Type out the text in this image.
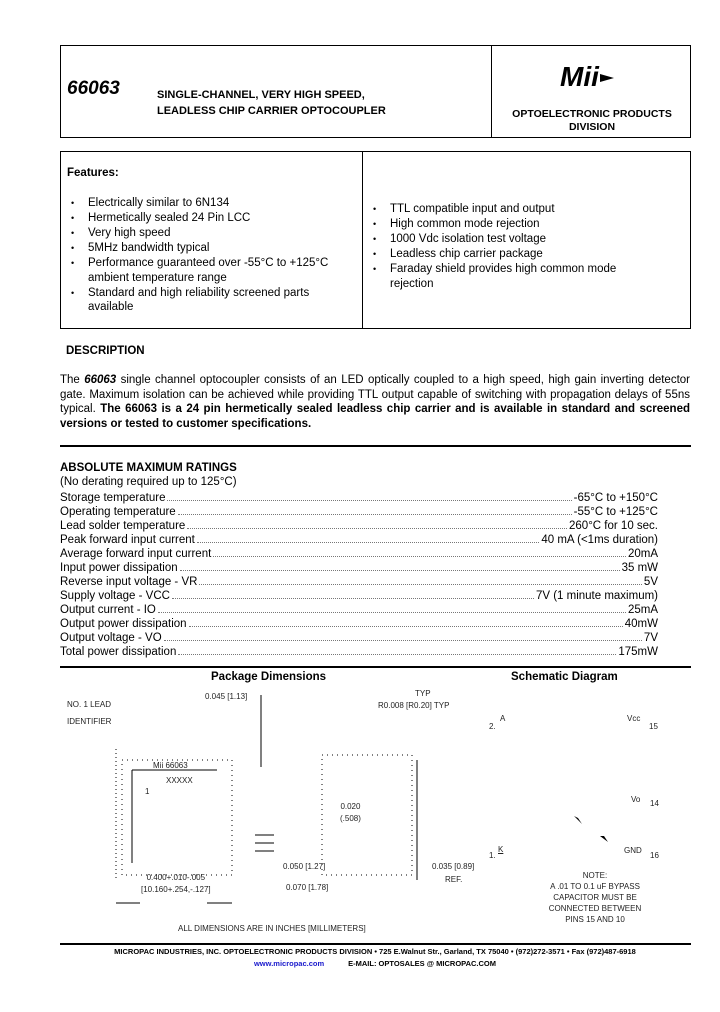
66063	SINGLE-CHANNEL, VERY HIGH SPEED,
LEADLESS CHIP CARRIER OPTOCOUPLER
Mii
OPTOELECTRONIC PRODUCTS
DIVISION
Features:
• Electrically similar to 6N134
• Hermetically sealed 24 Pin LCC
• Very high speed
• 5MHz bandwidth typical
• Performance guaranteed over -55°C to +125°C ambient temperature range
• Standard and high reliability screened parts available
• TTL compatible input and output
• High common mode rejection
• 1000 Vdc isolation test voltage
• Leadless chip carrier package
• Faraday shield provides high common mode rejection
DESCRIPTION
The 66063 single channel optocoupler consists of an LED optically coupled to a high speed, high gain inverting detector gate. Maximum isolation can be achieved while providing TTL output capable of switching with propagation delays of 55ns typical. The 66063 is a 24 pin hermetically sealed leadless chip carrier and is available in standard and screened versions or tested to customer specifications.
ABSOLUTE MAXIMUM RATINGS
(No derating required up to 125°C)
Storage temperature	-65°C to +150°C
Operating temperature	-55°C to +125°C
Lead solder temperature	260°C for 10 sec.
Peak forward input current	40 mA (<1ms duration)
Average forward input current	20mA
Input power dissipation	35 mW
Reverse input voltage - VR	5V
Supply voltage - VCC	7V (1 minute maximum)
Output current - IO	25mA
Output power dissipation	40mW
Output voltage - VO	7V
Total power dissipation	175mW
Package Dimensions
NO. 1 LEAD
IDENTIFIER
0.045 [1.13]	TYP
R0.008 [R0.20] TYP
Mii 66063
XXXXX
1
0.020
(.508)
0.050 [1.27]	0.035 [0.89]
REF.
0.400+.010-.005
[10.160+.254,-.127]	0.070 [1.78]
ALL DIMENSIONS ARE IN INCHES [MILLIMETERS]
Schematic Diagram
2.
A	Vcc
15
Vo 14
1.
K	GND
16
NOTE:
A .01 TO 0.1 uF BYPASS
CAPACITOR MUST BE
CONNECTED BETWEEN
PINS 15 AND 10
MICROPAC INDUSTRIES, INC. OPTOELECTRONIC PRODUCTS DIVISION • 725 E.Walnut Str., Garland, TX 75040 • (972)272-3571 • Fax (972)487-6918
www.micropac.com	E-MAIL: OPTOSALES @ MICROPAC.COM
